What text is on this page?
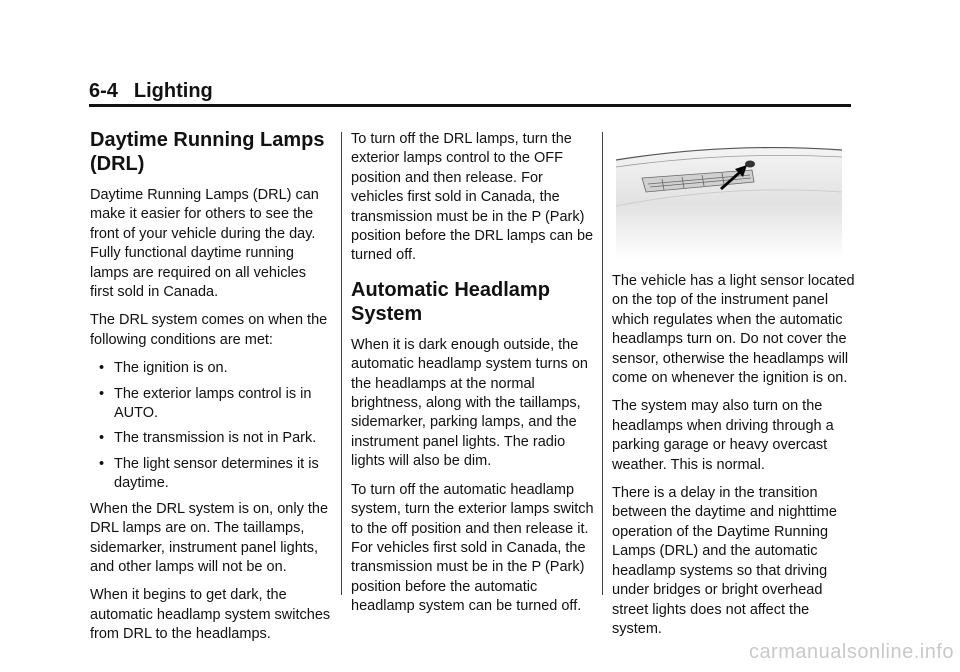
6-4 Lighting
Daytime Running Lamps (DRL)

Daytime Running Lamps (DRL) can make it easier for others to see the front of your vehicle during the day. Fully functional daytime running lamps are required on all vehicles first sold in Canada.

The DRL system comes on when the following conditions are met:

• The ignition is on.
• The exterior lamps control is in AUTO.
• The transmission is not in Park.
• The light sensor determines it is daytime.

When the DRL system is on, only the DRL lamps are on. The taillamps, sidemarker, instrument panel lights, and other lamps will not be on.

When it begins to get dark, the automatic headlamp system switches from DRL to the headlamps.

To turn off the DRL lamps, turn the exterior lamps control to the OFF position and then release. For vehicles first sold in Canada, the transmission must be in the P (Park) position before the DRL lamps can be turned off.

Automatic Headlamp System

When it is dark enough outside, the automatic headlamp system turns on the headlamps at the normal brightness, along with the taillamps, sidemarker, parking lamps, and the instrument panel lights. The radio lights will also be dim.

To turn off the automatic headlamp system, turn the exterior lamps switch to the off position and then release it. For vehicles first sold in Canada, the transmission must be in the P (Park) position before the automatic headlamp system can be turned off.

The vehicle has a light sensor located on the top of the instrument panel which regulates when the automatic headlamps turn on. Do not cover the sensor, otherwise the headlamps will come on whenever the ignition is on.

The system may also turn on the headlamps when driving through a parking garage or heavy overcast weather. This is normal.

There is a delay in the transition between the daytime and nighttime operation of the Daytime Running Lamps (DRL) and the automatic headlamp systems so that driving under bridges or bright overhead street lights does not affect the system.

carmanualsonline.info
